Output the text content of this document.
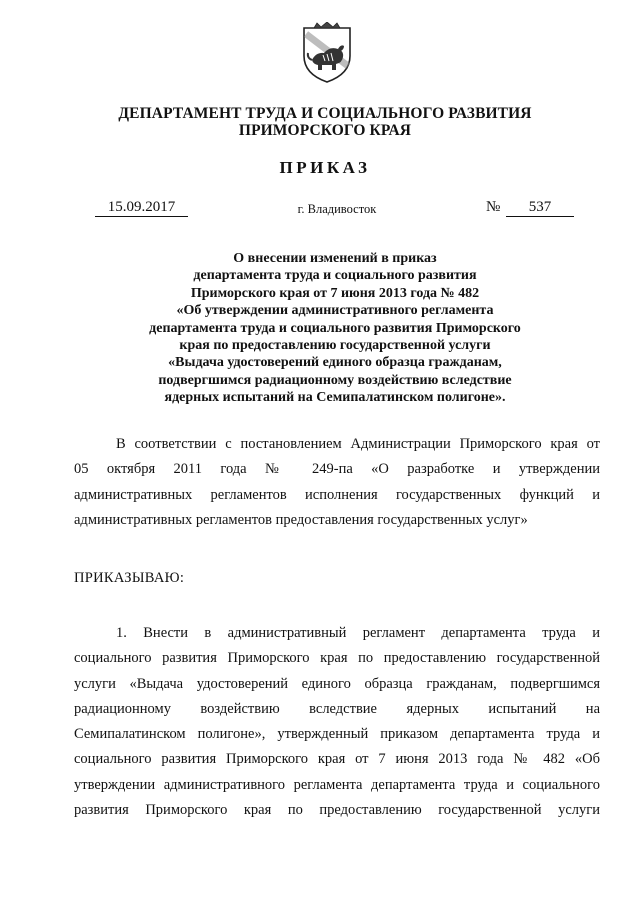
ДЕПАРТАМЕНТ ТРУДА И СОЦИАЛЬНОГО РАЗВИТИЯ
ПРИМОРСКОГО КРАЯ
ПРИКАЗ
15.09.2017	г. Владивосток	№	537
О внесении изменений в приказ
департамента труда и социального развития
Приморского края от 7 июня 2013 года № 482
«Об утверждении административного регламента
департамента труда и социального развития Приморского
края по предоставлению государственной услуги
«Выдача удостоверений единого образца гражданам,
подвергшимся радиационному воздействию вследствие
ядерных испытаний на Семипалатинском полигоне».
В соответствии с постановлением Администрации Приморского края от
05 октября 2011 года № 249-па «О разработке и утверждении
административных регламентов исполнения государственных функций и
административных регламентов предоставления государственных услуг»
ПРИКАЗЫВАЮ:
1. Внести в административный регламент департамента труда и
социального развития Приморского края по предоставлению государственной
услуги «Выдача удостоверений единого образца гражданам, подвергшимся
радиационному воздействию вследствие ядерных испытаний на
Семипалатинском полигоне», утвержденный приказом департамента труда и
социального развития Приморского края от 7 июня 2013 года № 482 «Об
утверждении административного регламента департамента труда и социального
развития Приморского края по предоставлению государственной услуги
